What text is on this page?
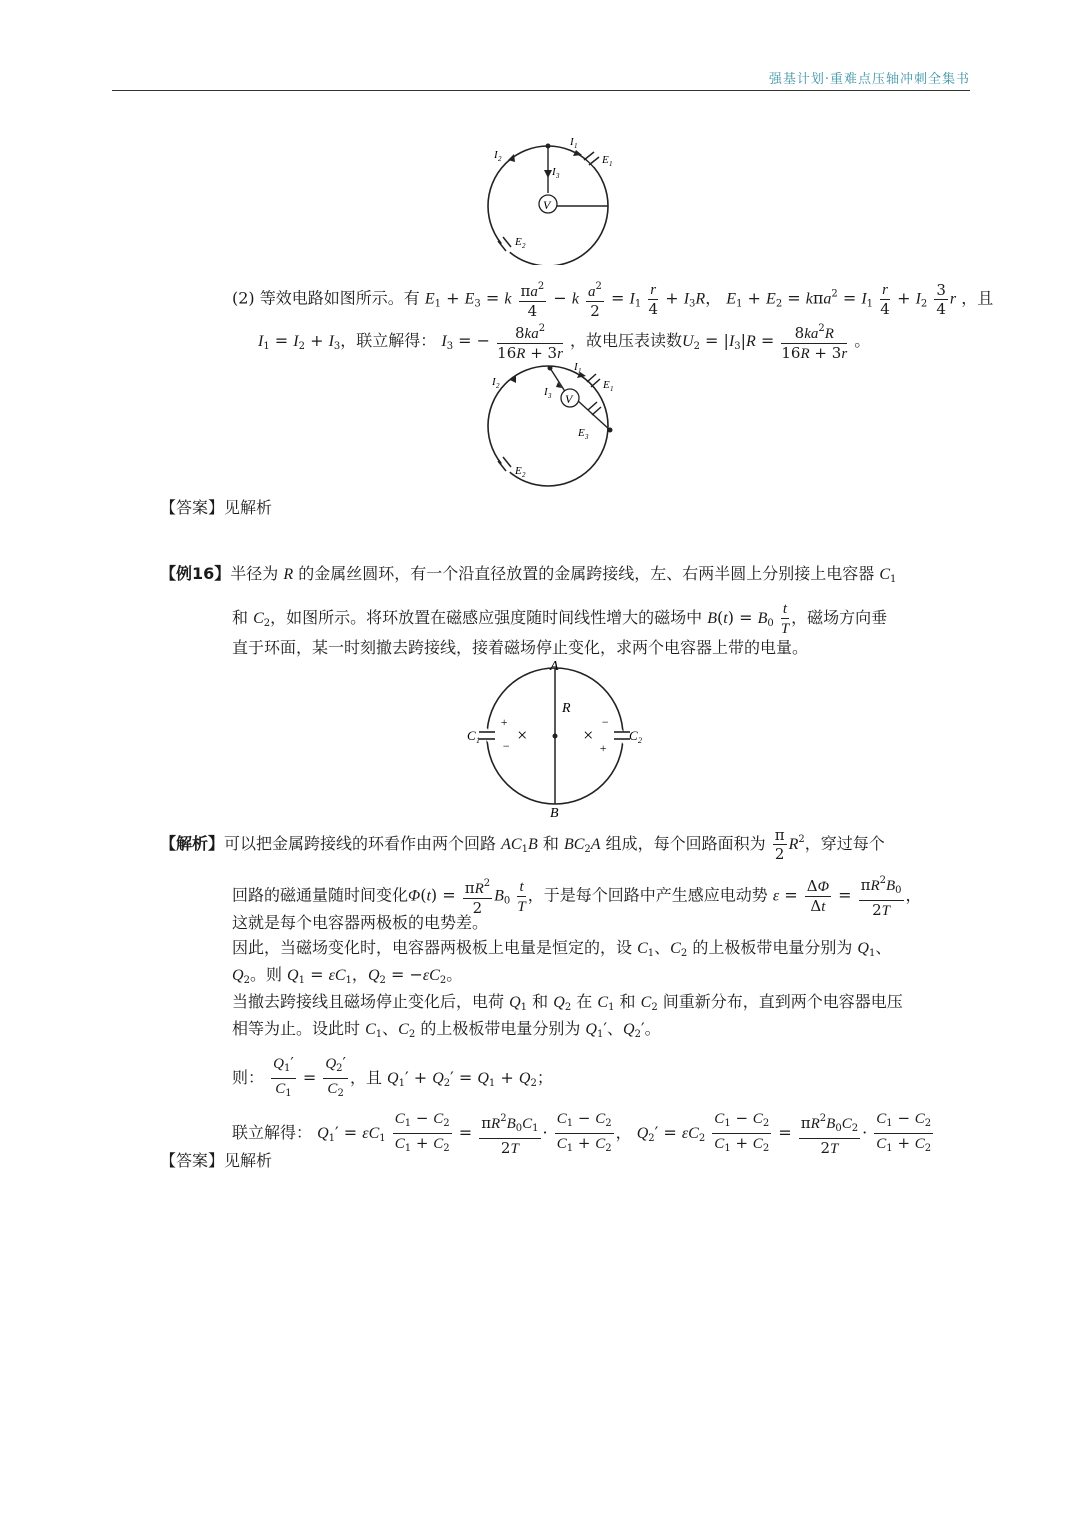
强基计划·重难点压轴冲刺全集书
V
I 1
I 2
I 3
E 1
E 2
(2) 等效电路如图所示。有 $E_1 + E_3 = k \frac{\pi a^2}{4} - k \frac{a^2}{2} = I_1 \frac{r}{4} + I_3R$， $E_1 + E_2 = k\pi a^2 = I_1 \frac{r}{4} + I_2 \frac{3}{4}$ r ，且
$I_1 = I_2 + I_3$，联立解得： $I_3$ = − $\frac{8ka^2}{16R + 3r}$ ，故电压表读数$U_2 = |I_3|R = \frac{8ka^2R}{16R + 3r}$ 。
V
I 1
I 2	I 3
E 1
E 3
E 2
【答案】见解析
【例16】半径为 R 的金属丝圆环，有一个沿直径放置的金属跨接线，左、右两半圆上分别接上电容器 $C_1$
和 $C_2$，如图所示。将环放置在磁感应强度随时间线性增大的磁场中 $B(t) = B_0 \frac{t}{T}$ ，磁场方向垂
直于环面，某一时刻撤去跨接线，接着磁场停止变化，求两个电容器上带的电量。
A
B
R
C 1	C 2
+
−
−
+
×	×
【解析】可以把金属跨接线的环看作由两个回路 $AC_1B$ 和 $BC_2A$ 组成，每个回路面积为 $\frac{\pi}{2} R^2$，穿过每个
回路的磁通量随时间变化$\Phi(t) = \frac{\pi R^2}{2} B_0 \frac{t}{T}$ ，于是每个回路中产生感应电动势 $\varepsilon = \frac{\Delta\Phi}{\Delta t} = \frac{\pi R^2B_0}{2T}$ ，
这就是每个电容器两极板的电势差。
因此，当磁场变化时，电容器两极板上电量是恒定的，设 $C_1$、$C_2$ 的上极板带电量分别为 $Q_1$、
$Q_2$。则 $Q_1 = \varepsilon C_1$，$Q_2 = -\varepsilon C_2$。
当撤去跨接线且磁场停止变化后，电荷 $Q_1$ 和 $Q_2$ 在 $C_1$ 和 $C_2$ 间重新分布，直到两个电容器电压
相等为止。设此时 $C_1$、$C_2$ 的上极板带电量分别为 $Q_1'$、$Q_2'$。
则： $\frac{Q_1'}{C_1} = \frac{Q_2'}{C_2}$ ，且 $Q_1' + Q_2' = Q_1 + Q_2$；
联立解得： $Q_1' = \varepsilon C_1 \frac{C_1 - C_2}{C_1 + C_2} = \frac{\pi R^2B_0C_1}{2T} \cdot \frac{C_1 - C_2}{C_1 + C_2}$ ， $Q_2' = \varepsilon C_2 \frac{C_1 - C_2}{C_1 + C_2} = \frac{\pi R^2B_0C_2}{2T} \cdot \frac{C_1 - C_2}{C_1 + C_2}$
【答案】见解析
